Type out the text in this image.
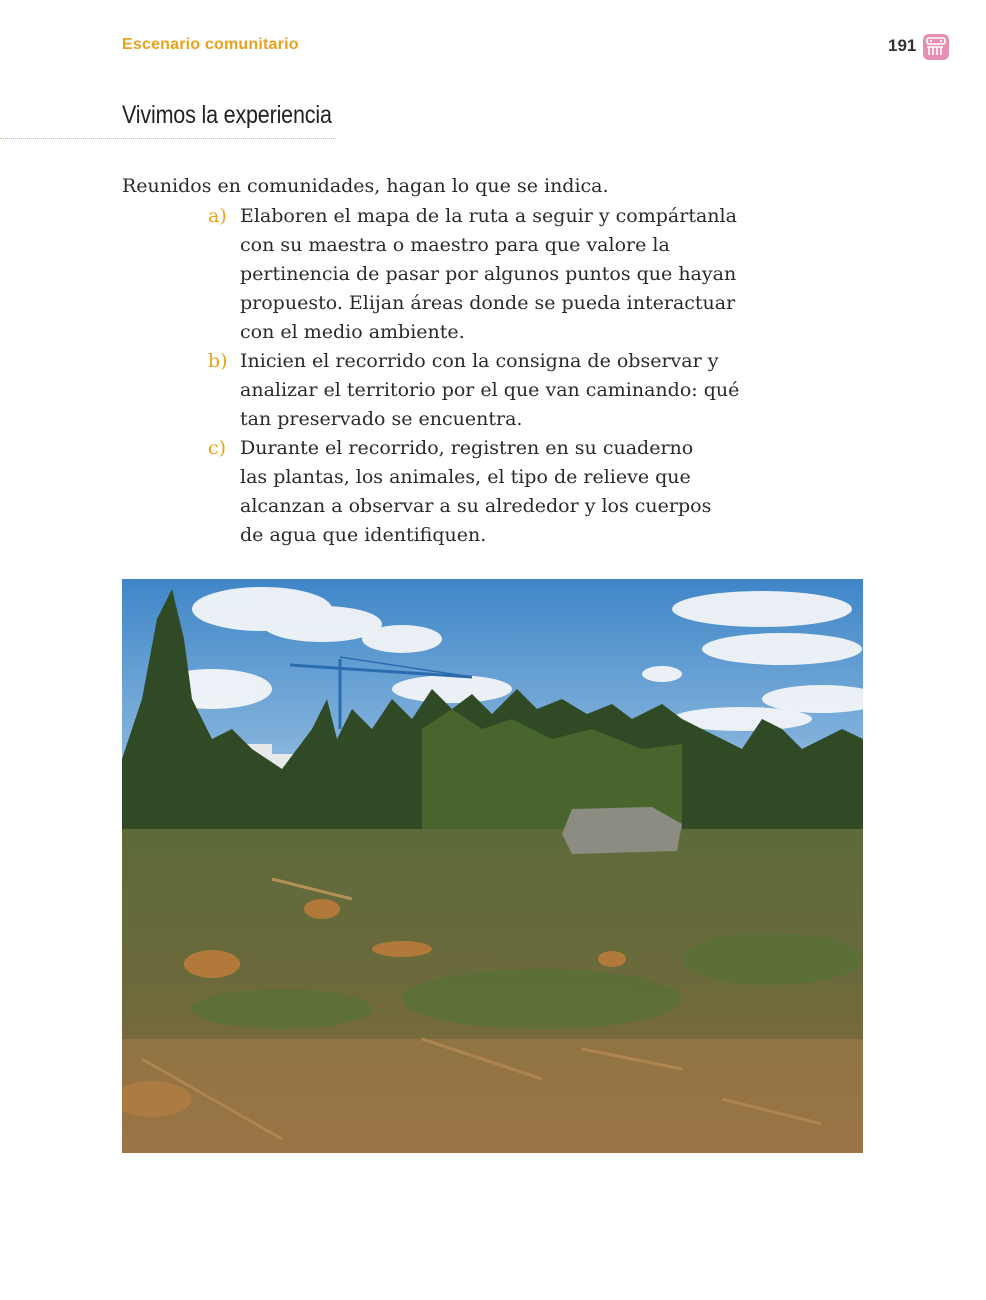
Escenario comunitario	191
Vivimos la experiencia

Reunidos en comunidades, hagan lo que se indica.

a) Elaboren el mapa de la ruta a seguir y compártanla
con su maestra o maestro para que valore la
pertinencia de pasar por algunos puntos que hayan
propuesto. Elijan áreas donde se pueda interactuar
con el medio ambiente.
b) Inicien el recorrido con la consigna de observar y
analizar el territorio por el que van caminando: qué
tan preservado se encuentra.
c) Durante el recorrido, registren en su cuaderno
las plantas, los animales, el tipo de relieve que
alcanzan a observar a su alrededor y los cuerpos
de agua que identifiquen.
